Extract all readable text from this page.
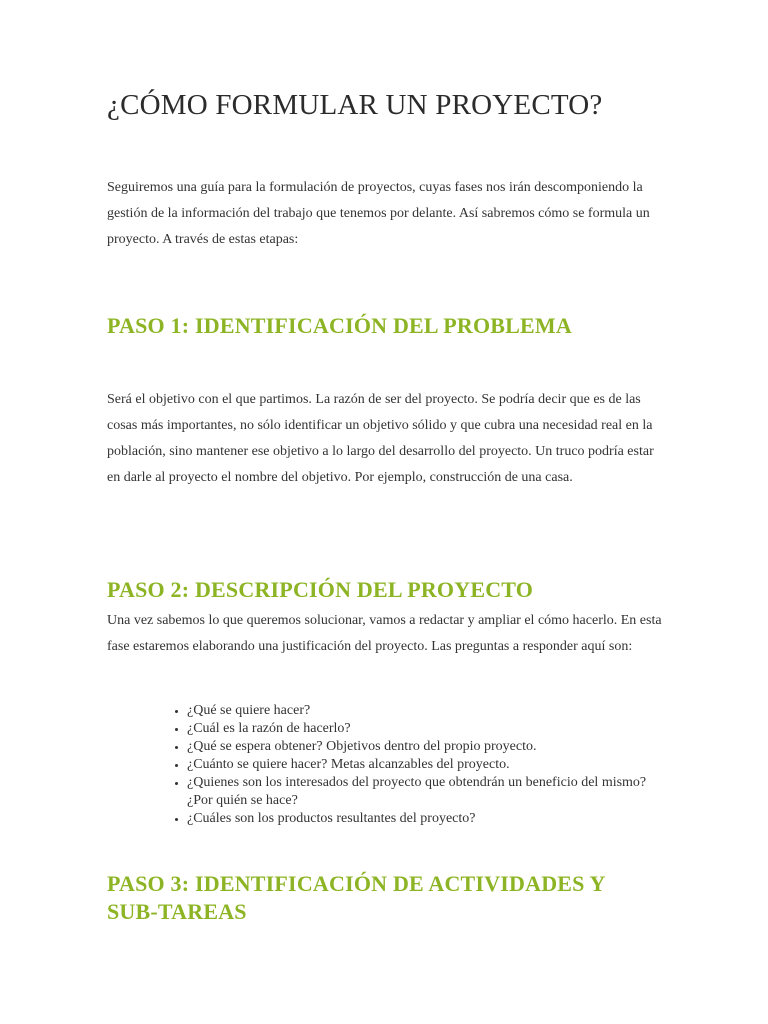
¿CÓMO FORMULAR UN PROYECTO?

Seguiremos una guía para la formulación de proyectos, cuyas fases nos irán descomponiendo la gestión de la información del trabajo que tenemos por delante. Así sabremos cómo se formula un proyecto. A través de estas etapas:

PASO 1: IDENTIFICACIÓN DEL PROBLEMA

Será el objetivo con el que partimos. La razón de ser del proyecto. Se podría decir que es de las cosas más importantes, no sólo identificar un objetivo sólido y que cubra una necesidad real en la población, sino mantener ese objetivo a lo largo del desarrollo del proyecto. Un truco podría estar en darle al proyecto el nombre del objetivo. Por ejemplo, construcción de una casa.

PASO 2: DESCRIPCIÓN DEL PROYECTO

Una vez sabemos lo que queremos solucionar, vamos a redactar y ampliar el cómo hacerlo. En esta fase estaremos elaborando una justificación del proyecto. Las preguntas a responder aquí son:

• ¿Qué se quiere hacer?
• ¿Cuál es la razón de hacerlo?
• ¿Qué se espera obtener? Objetivos dentro del propio proyecto.
• ¿Cuánto se quiere hacer? Metas alcanzables del proyecto.
• ¿Quienes son los interesados del proyecto que obtendrán un beneficio del mismo? ¿Por quién se hace?
• ¿Cuáles son los productos resultantes del proyecto?
PASO 3: IDENTIFICACIÓN DE ACTIVIDADES Y SUB-TAREAS
